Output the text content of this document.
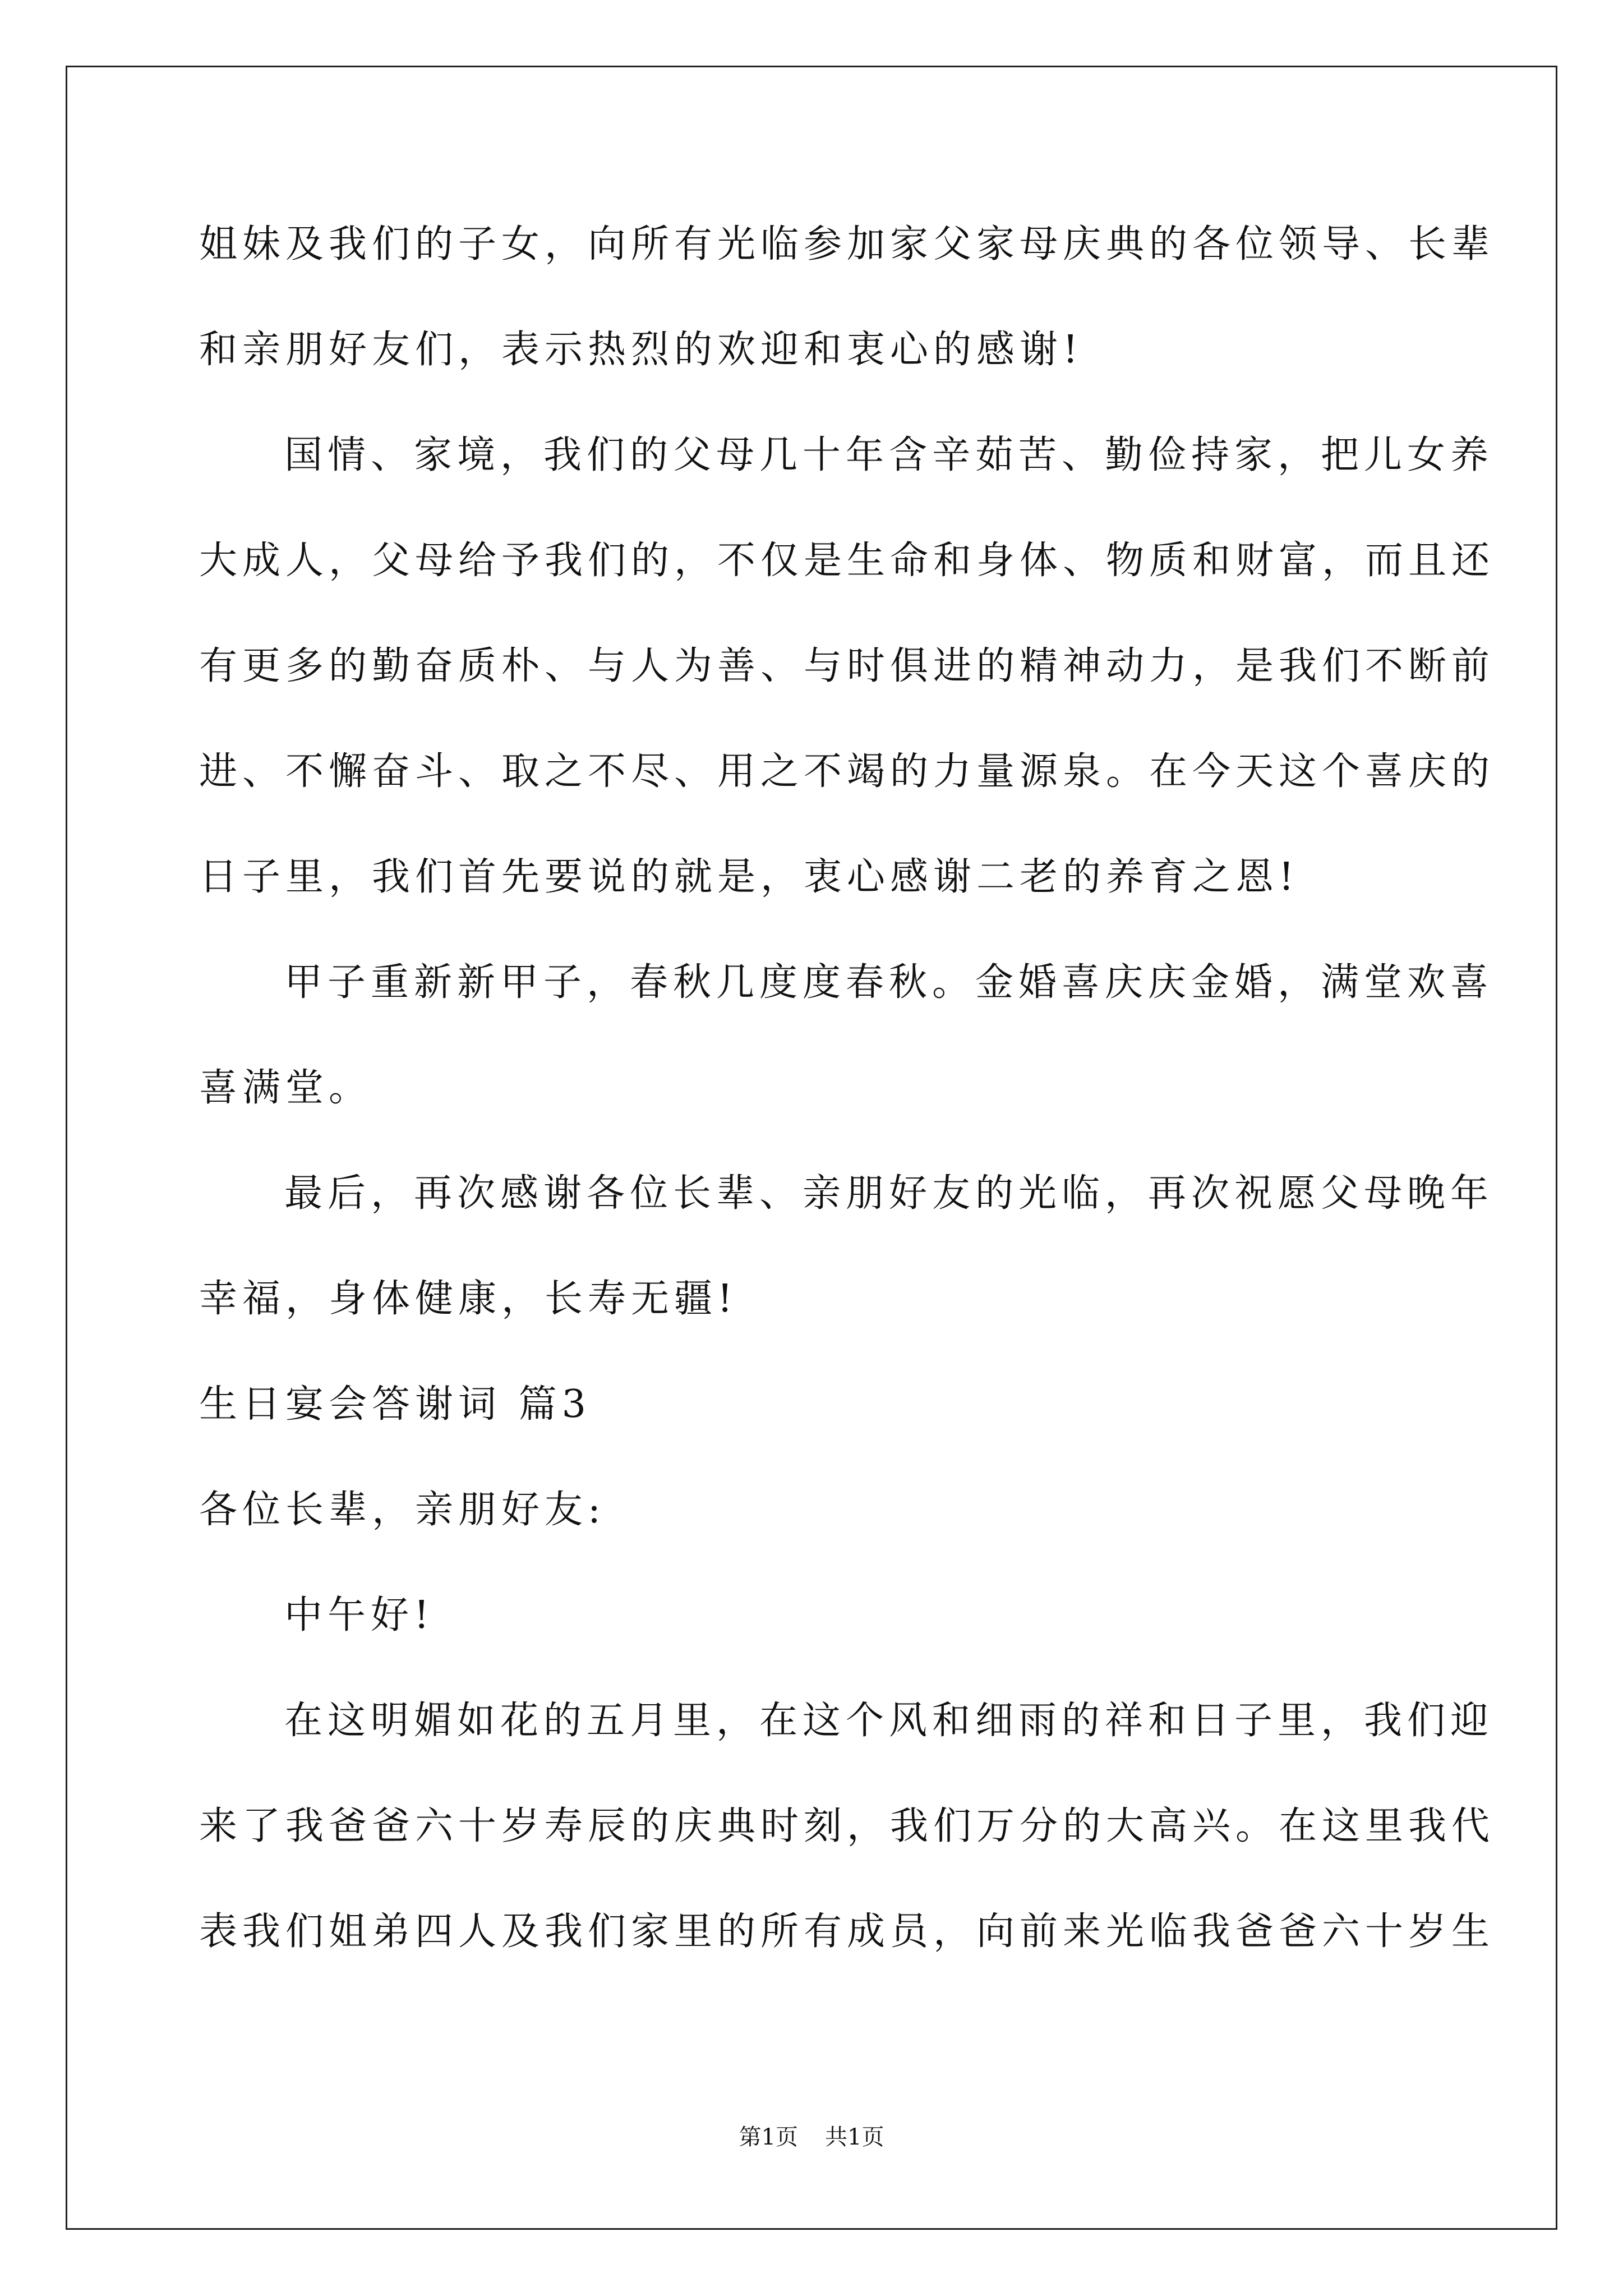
姐妹及我们的子女，向所有光临参加家父家母庆典的各位领导、长辈
和亲朋好友们，表示热烈的欢迎和衷心的感谢!
国情、家境，我们的父母几十年含辛茹苦、勤俭持家，把儿女养
大成人，父母给予我们的，不仅是生命和身体、物质和财富，而且还
有更多的勤奋质朴、与人为善、与时俱进的精神动力，是我们不断前
进、不懈奋斗、取之不尽、用之不竭的力量源泉。在今天这个喜庆的
日子里，我们首先要说的就是，衷心感谢二老的养育之恩!
甲子重新新甲子，春秋几度度春秋。金婚喜庆庆金婚，满堂欢喜
喜满堂。
最后，再次感谢各位长辈、亲朋好友的光临，再次祝愿父母晚年
幸福，身体健康，长寿无疆!
生日宴会答谢词 篇3
各位长辈，亲朋好友:
中午好!
在这明媚如花的五月里，在这个风和细雨的祥和日子里，我们迎
来了我爸爸六十岁寿辰的庆典时刻，我们万分的大高兴。在这里我代
表我们姐弟四人及我们家里的所有成员，向前来光临我爸爸六十岁生
第1页 共1页
